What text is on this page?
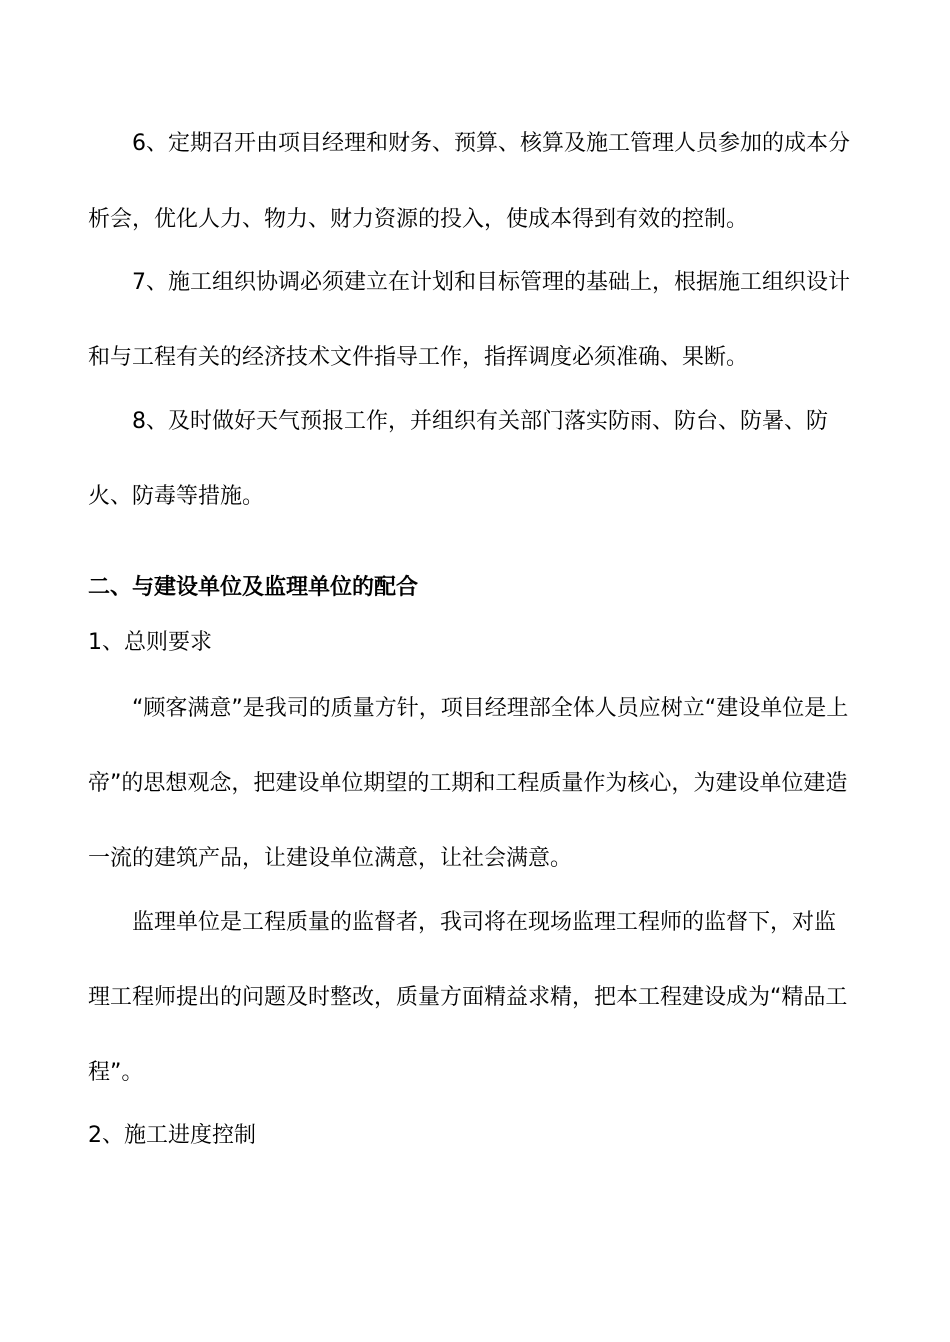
6、定期召开由项目经理和财务、预算、核算及施工管理人员参加的成本分
析会，优化人力、物力、财力资源的投入，使成本得到有效的控制。
7、施工组织协调必须建立在计划和目标管理的基础上，根据施工组织设计
和与工程有关的经济技术文件指导工作，指挥调度必须准确、果断。
8、及时做好天气预报工作，并组织有关部门落实防雨、防台、防暑、防
火、防毒等措施。
二、与建设单位及监理单位的配合
1、总则要求
“顾客满意”是我司的质量方针，项目经理部全体人员应树立“建设单位是上
帝”的思想观念，把建设单位期望的工期和工程质量作为核心，为建设单位建造
一流的建筑产品，让建设单位满意，让社会满意。
监理单位是工程质量的监督者，我司将在现场监理工程师的监督下，对监
理工程师提出的问题及时整改，质量方面精益求精，把本工程建设成为“精品工
程”。
2、施工进度控制
